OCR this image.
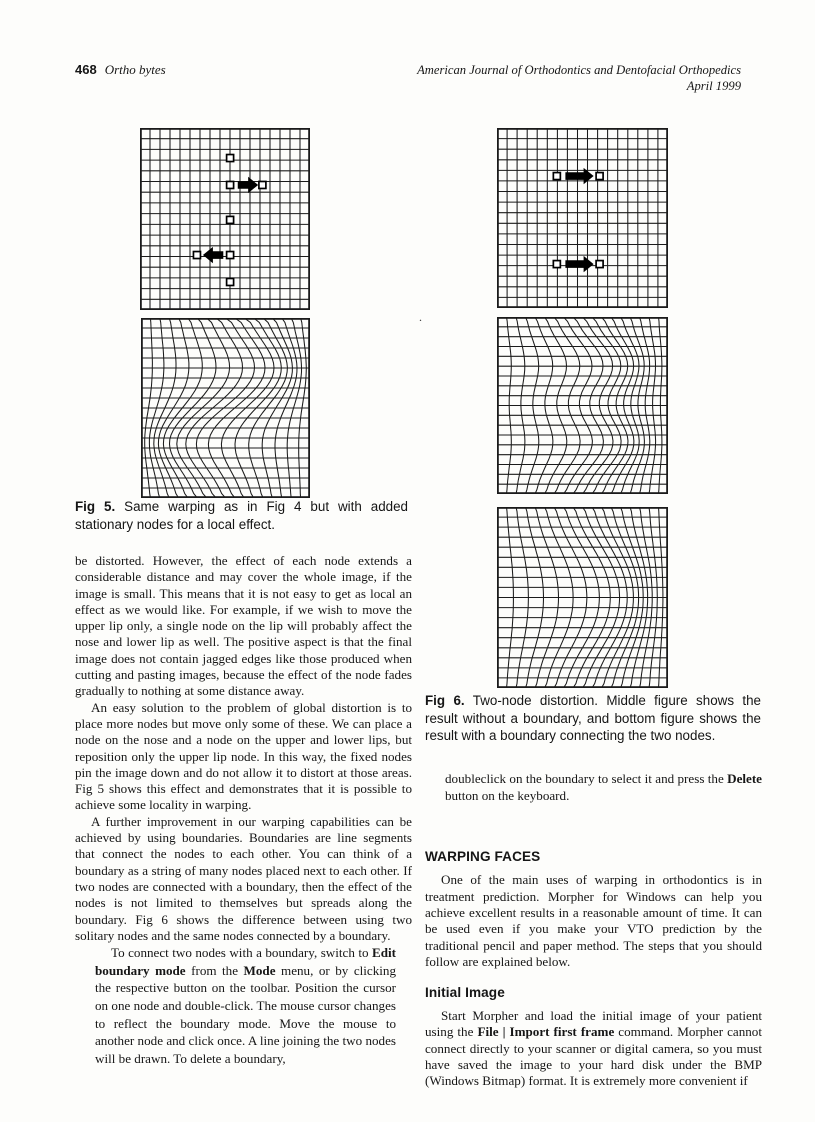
468 Ortho bytes	American Journal of Orthodontics and Dentofacial Orthopedics
April 1999
Fig 5. Same warping as in Fig 4 but with added stationary nodes for a local effect.
Fig 6. Two-node distortion. Middle figure shows the result without a boundary, and bottom figure shows the result with a boundary connecting the two nodes.
.
be distorted. However, the effect of each node extends a considerable distance and may cover the whole image, if the image is small. This means that it is not easy to get as local an effect as we would like. For example, if we wish to move the upper lip only, a single node on the lip will probably affect the nose and lower lip as well. The positive aspect is that the final image does not contain jagged edges like those produced when cutting and pasting images, because the effect of the node fades gradually to nothing at some distance away.
An easy solution to the problem of global distortion is to place more nodes but move only some of these. We can place a node on the nose and a node on the upper and lower lips, but reposition only the upper lip node. In this way, the fixed nodes pin the image down and do not allow it to distort at those areas. Fig 5 shows this effect and demonstrates that it is possible to achieve some locality in warping.
A further improvement in our warping capabilities can be achieved by using boundaries. Boundaries are line segments that connect the nodes to each other. You can think of a boundary as a string of many nodes placed next to each other. If two nodes are connected with a boundary, then the effect of the nodes is not limited to themselves but spreads along the boundary. Fig 6 shows the difference between using two solitary nodes and the same nodes connected by a boundary.
To connect two nodes with a boundary, switch to Edit boundary mode from the Mode menu, or by clicking the respective button on the toolbar. Position the cursor on one node and double-click. The mouse cursor changes to reflect the boundary mode. Move the mouse to another node and click once. A line joining the two nodes will be drawn. To delete a boundary,
doubleclick on the boundary to select it and press the Delete button on the keyboard.
WARPING FACES
One of the main uses of warping in orthodontics is in treatment prediction. Morpher for Windows can help you achieve excellent results in a reasonable amount of time. It can be used even if you make your VTO prediction by the traditional pencil and paper method. The steps that you should follow are explained below.
Initial Image
Start Morpher and load the initial image of your patient using the File | Import first frame command. Morpher cannot connect directly to your scanner or digital camera, so you must have saved the image to your hard disk under the BMP (Windows Bitmap) format. It is extremely more convenient if
